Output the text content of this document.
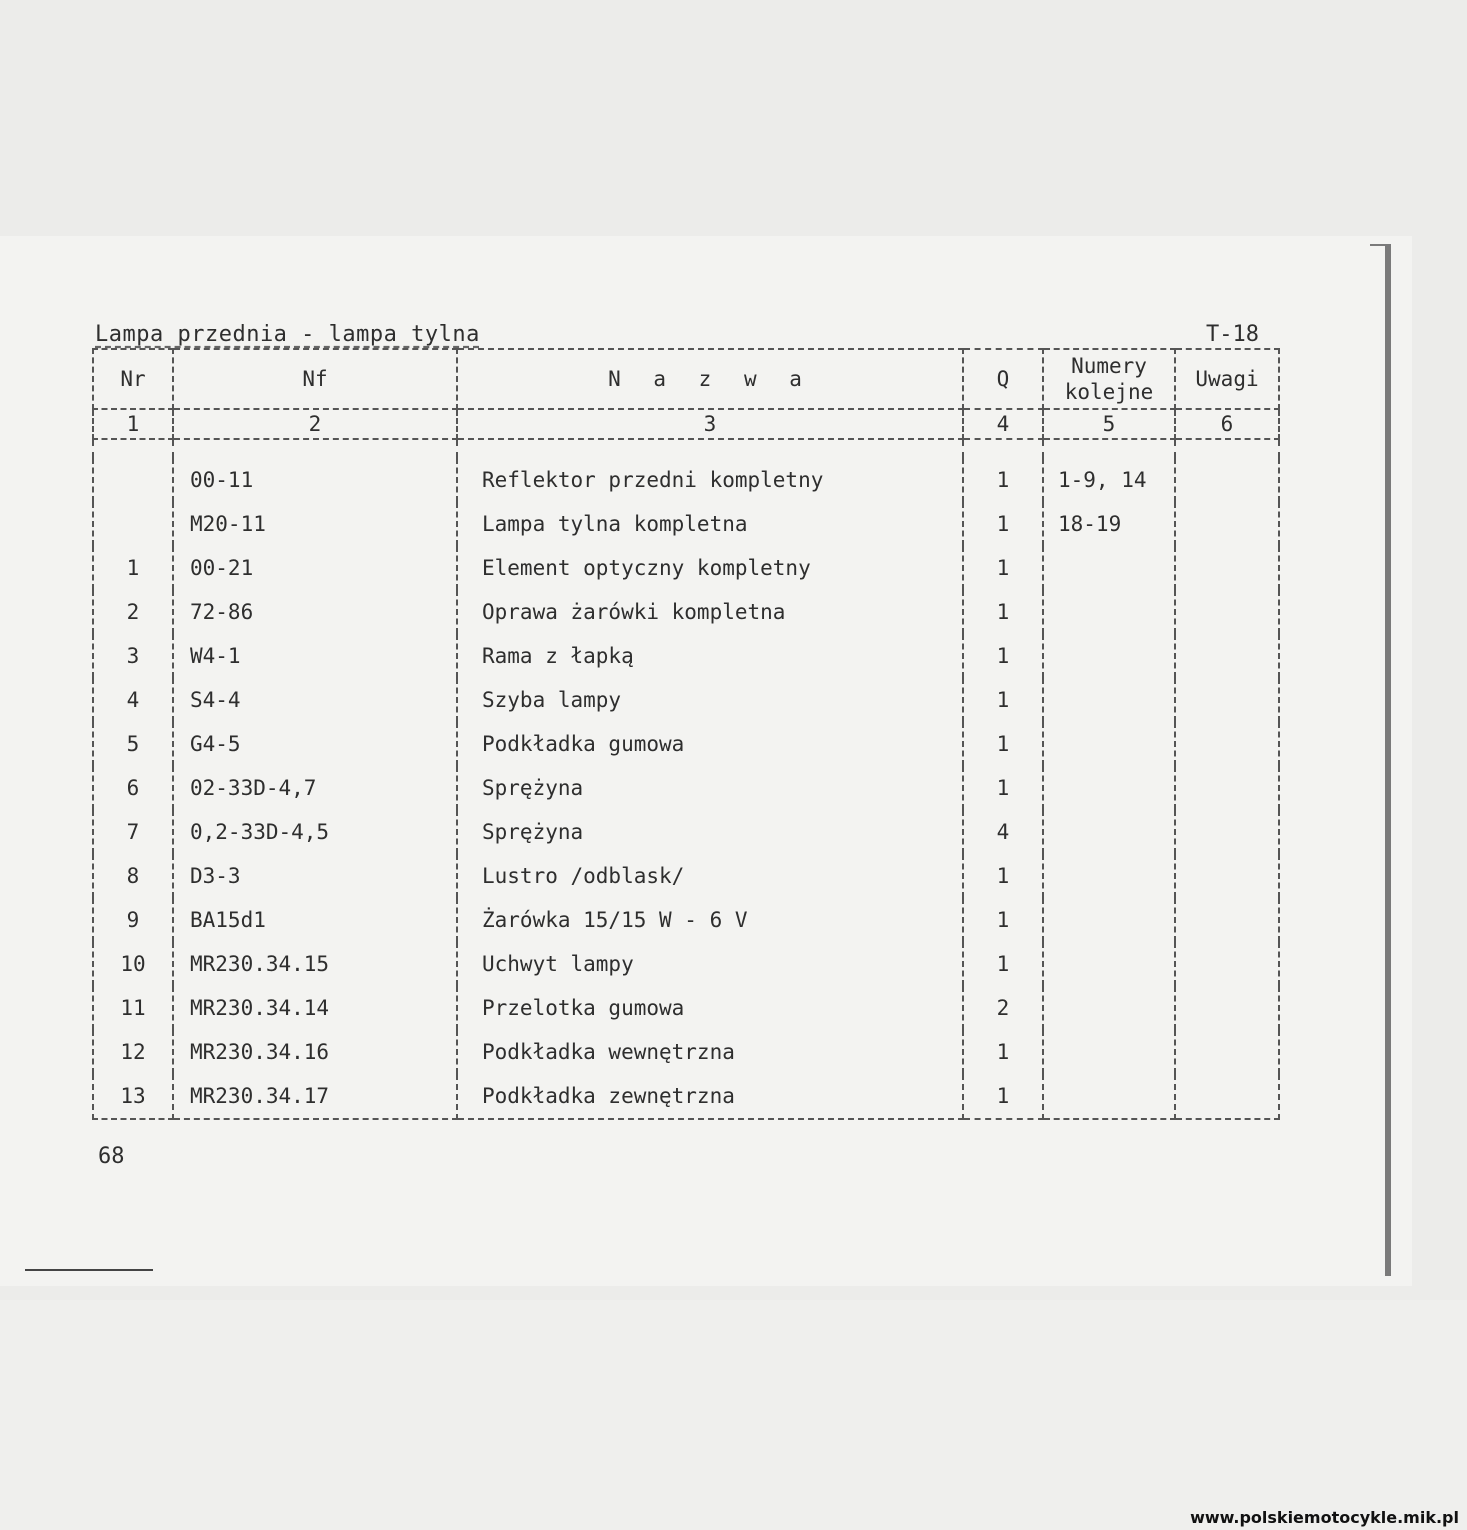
Lampa przednia - lampa tylna	T-18
Nr	Nf	N a z w a	Q	Numery kolejne	Uwagi
1	2	3	4	5	6

	00-11	Reflektor przedni kompletny	1	1-9, 14	
	M20-11	Lampa tylna kompletna	1	18-19	
1	00-21	Element optyczny kompletny	1		
2	72-86	Oprawa żarówki kompletna	1		
3	W4-1	Rama z łapką	1		
4	S4-4	Szyba lampy	1		
5	G4-5	Podkładka gumowa	1		
6	02-33D-4,7	Sprężyna	1		
7	0,2-33D-4,5	Sprężyna	4		
8	D3-3	Lustro /odblask/	1		
9	BA15d1	Żarówka 15/15 W - 6 V	1		
10	MR230.34.15	Uchwyt lampy	1		
11	MR230.34.14	Przelotka gumowa	2		
12	MR230.34.16	Podkładka wewnętrzna	1		
13	MR230.34.17	Podkładka zewnętrzna	1		
68
www.polskiemotocykle.mik.pl
